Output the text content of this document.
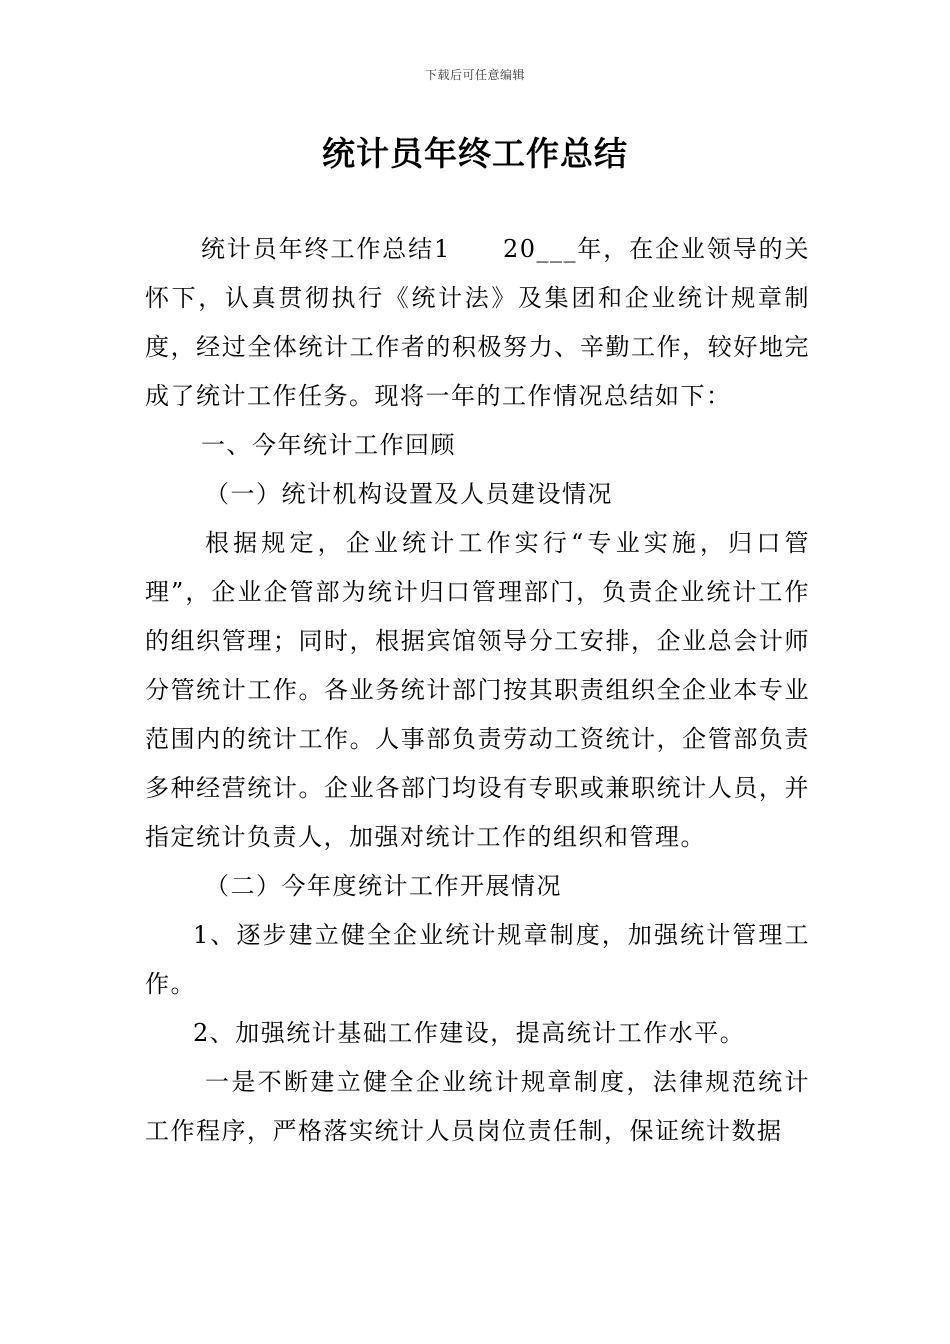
下载后可任意编辑
统计员年终工作总结

统计员年终工作总结1　　20___年，在企业领导的关怀下，认真贯彻执行《统计法》及集团和企业统计规章制度，经过全体统计工作者的积极努力、辛勤工作，较好地完成了统计工作任务。现将一年的工作情况总结如下：

一、今年统计工作回顾

（一）统计机构设置及人员建设情况

根据规定，企业统计工作实行“专业实施，归口管理”，企业企管部为统计归口管理部门，负责企业统计工作的组织管理；同时，根据宾馆领导分工安排，企业总会计师分管统计工作。各业务统计部门按其职责组织全企业本专业范围内的统计工作。人事部负责劳动工资统计，企管部负责多种经营统计。企业各部门均设有专职或兼职统计人员，并指定统计负责人，加强对统计工作的组织和管理。

（二）今年度统计工作开展情况

1、逐步建立健全企业统计规章制度，加强统计管理工作。

2、加强统计基础工作建设，提高统计工作水平。

一是不断建立健全企业统计规章制度，法律规范统计工作程序，严格落实统计人员岗位责任制，保证统计数据
